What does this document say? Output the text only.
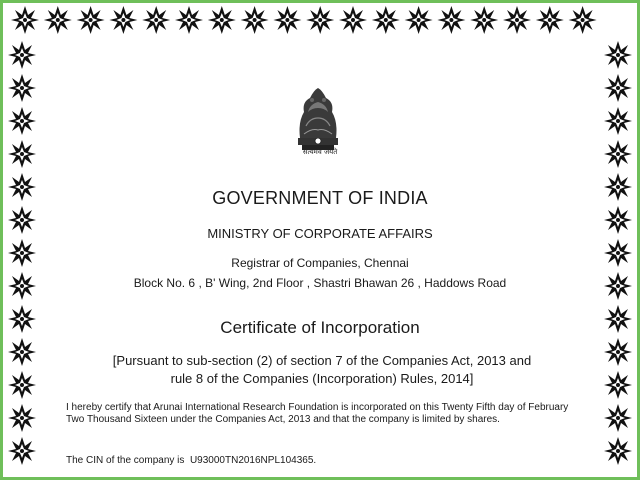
सत्यमेव जयते
GOVERNMENT OF INDIA
MINISTRY OF CORPORATE AFFAIRS
Registrar of Companies, Chennai
Block No. 6 , B' Wing, 2nd Floor , Shastri Bhawan 26 , Haddows Road
Certificate of Incorporation
[Pursuant to sub-section (2) of section 7 of the Companies Act, 2013 and
rule 8 of the Companies (Incorporation) Rules, 2014]
I hereby certify that Arunai International Research Foundation is incorporated on this Twenty Fifth day of February Two Thousand Sixteen under the Companies Act, 2013 and that the company is limited by shares.
The CIN of the company is U93000TN2016NPL104365.
